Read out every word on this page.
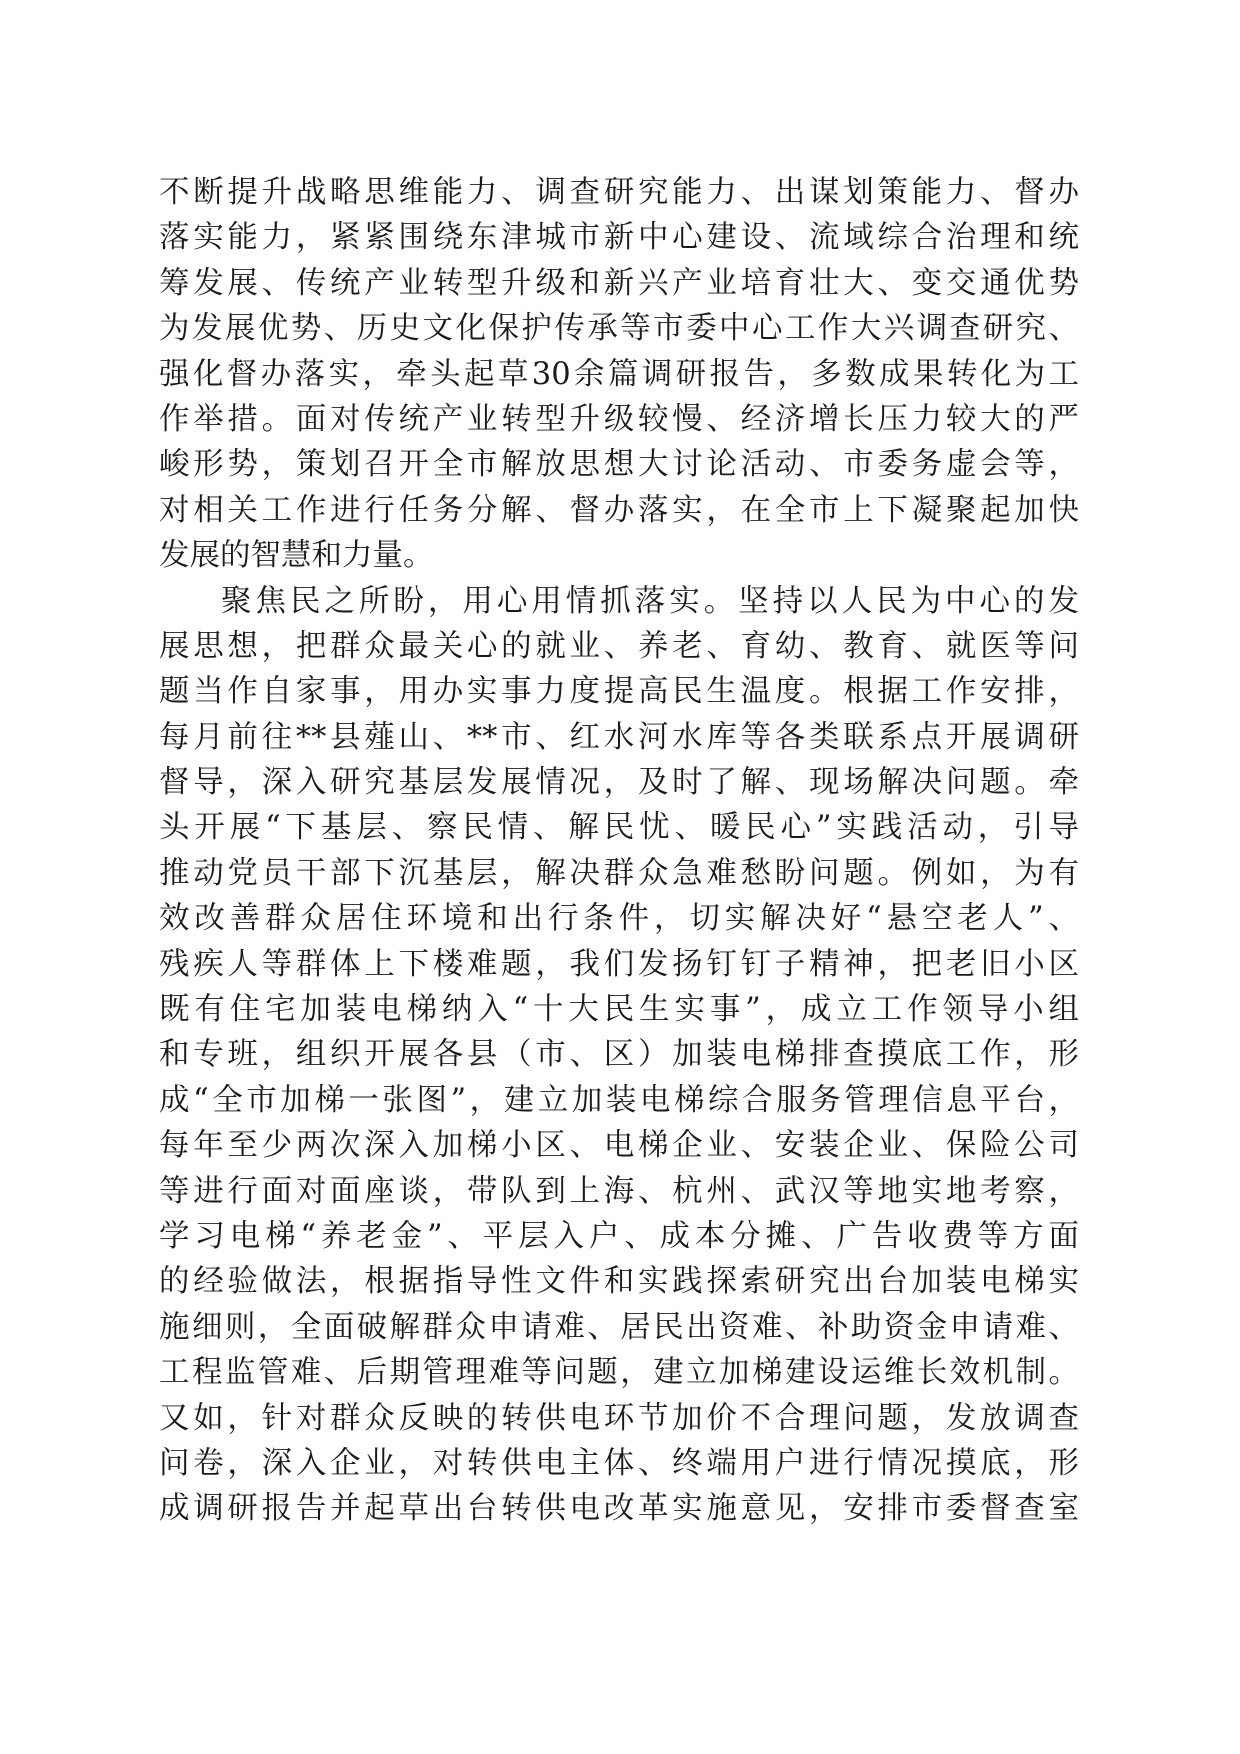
不断提升战略思维能力、调查研究能力、出谋划策能力、督办
落实能力，紧紧围绕东津城市新中心建设、流域综合治理和统
筹发展、传统产业转型升级和新兴产业培育壮大、变交通优势
为发展优势、历史文化保护传承等市委中心工作大兴调查研究、
强化督办落实，牵头起草30余篇调研报告，多数成果转化为工
作举措。面对传统产业转型升级较慢、经济增长压力较大的严
峻形势，策划召开全市解放思想大讨论活动、市委务虚会等，
对相关工作进行任务分解、督办落实，在全市上下凝聚起加快
发展的智慧和力量。
聚焦民之所盼，用心用情抓落实。坚持以人民为中心的发
展思想，把群众最关心的就业、养老、育幼、教育、就医等问
题当作自家事，用办实事力度提高民生温度。根据工作安排，
每月前往**县薤山、**市、红水河水库等各类联系点开展调研
督导，深入研究基层发展情况，及时了解、现场解决问题。牵
头开展“下基层、察民情、解民忧、暖民心”实践活动，引导
推动党员干部下沉基层，解决群众急难愁盼问题。例如，为有
效改善群众居住环境和出行条件，切实解决好“悬空老人”、
残疾人等群体上下楼难题，我们发扬钉钉子精神，把老旧小区
既有住宅加装电梯纳入“十大民生实事”，成立工作领导小组
和专班，组织开展各县（市、区）加装电梯排查摸底工作，形
成“全市加梯一张图”，建立加装电梯综合服务管理信息平台，
每年至少两次深入加梯小区、电梯企业、安装企业、保险公司
等进行面对面座谈，带队到上海、杭州、武汉等地实地考察，
学习电梯“养老金”、平层入户、成本分摊、广告收费等方面
的经验做法，根据指导性文件和实践探索研究出台加装电梯实
施细则，全面破解群众申请难、居民出资难、补助资金申请难、
工程监管难、后期管理难等问题，建立加梯建设运维长效机制。
又如，针对群众反映的转供电环节加价不合理问题，发放调查
问卷，深入企业，对转供电主体、终端用户进行情况摸底，形
成调研报告并起草出台转供电改革实施意见，安排市委督查室
